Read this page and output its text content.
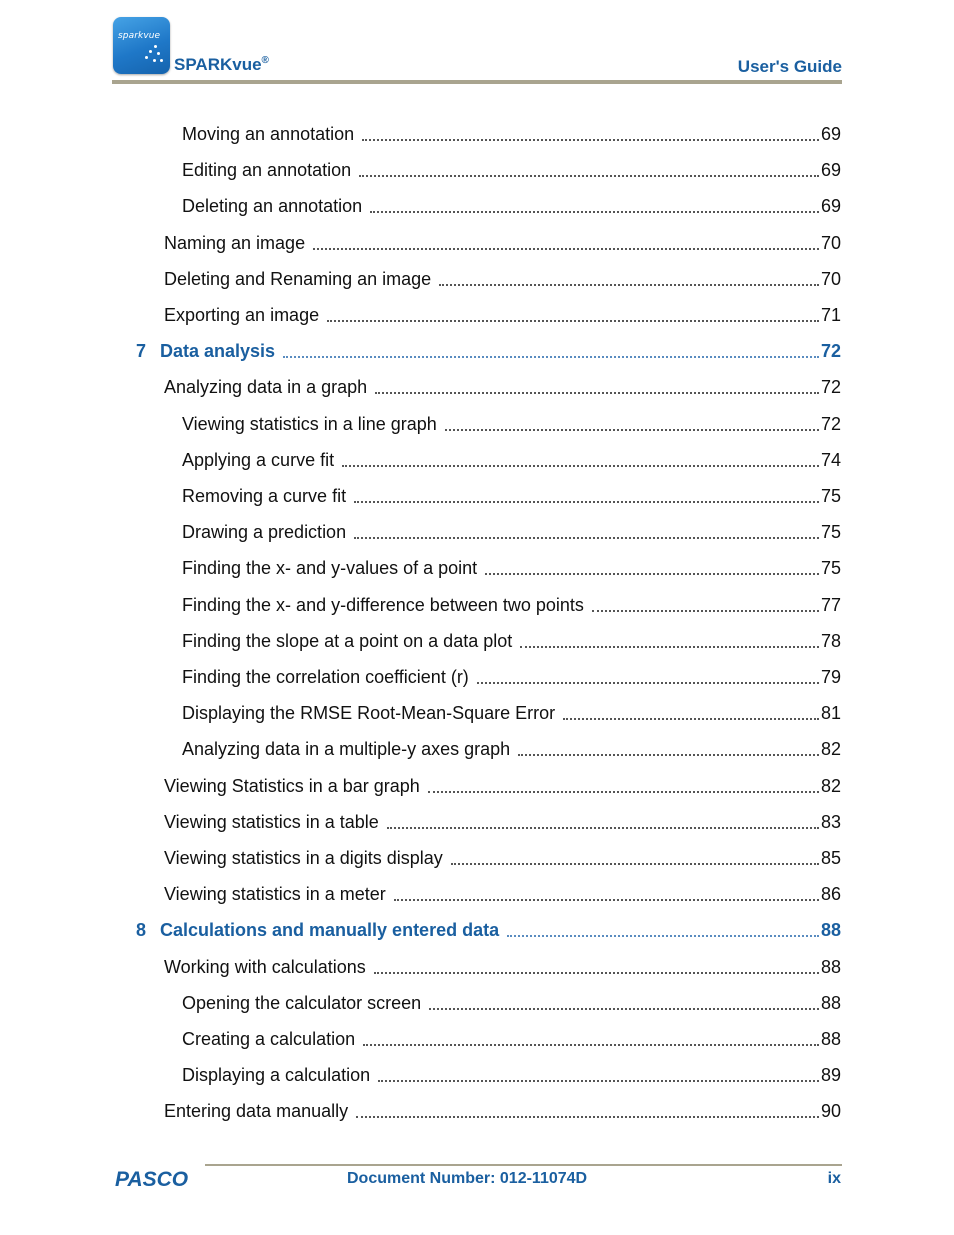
sparkvue
SPARKvue®	User's Guide
Moving an annotation	69
Editing an annotation	69
Deleting an annotation	69
Naming an image	70
Deleting and Renaming an image	70
Exporting an image	71
7 Data analysis	72
Analyzing data in a graph	72
Viewing statistics in a line graph	72
Applying a curve fit	74
Removing a curve fit	75
Drawing a prediction	75
Finding the x- and y-values of a point	75
Finding the x- and y-difference between two points	77
Finding the slope at a point on a data plot	78
Finding the correlation coefficient (r)	79
Displaying the RMSE Root-Mean-Square Error	81
Analyzing data in a multiple-y axes graph	82
Viewing Statistics in a bar graph	82
Viewing statistics in a table	83
Viewing statistics in a digits display	85
Viewing statistics in a meter	86
8 Calculations and manually entered data	88
Working with calculations	88
Opening the calculator screen	88
Creating a calculation	88
Displaying a calculation	89
Entering data manually	90
PASCO	Document Number: 012-11074D	ix
